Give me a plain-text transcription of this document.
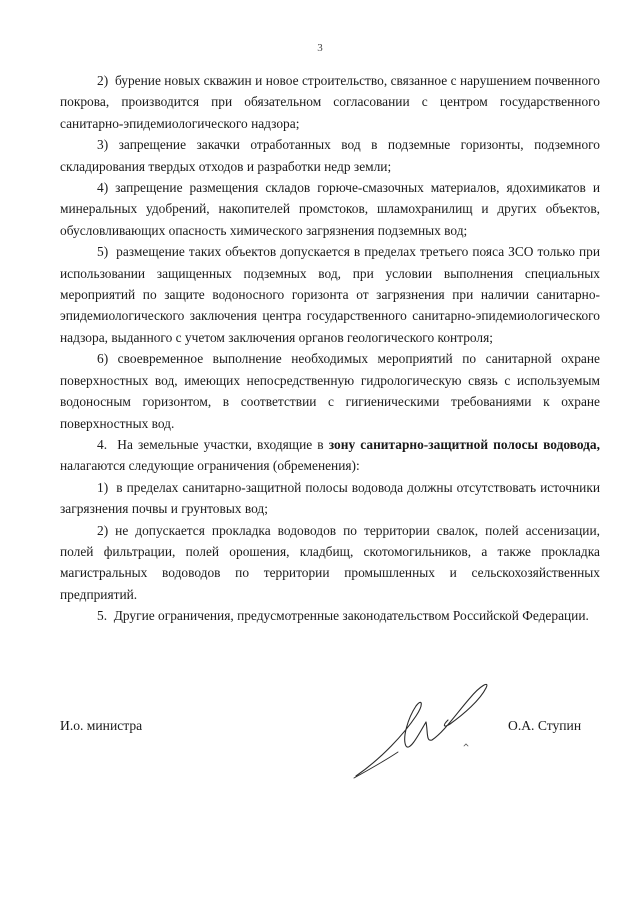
3

2) бурение новых скважин и новое строительство, связанное с нарушением почвенного покрова, производится при обязательном согласовании с центром государственного санитарно-эпидемиологического надзора;

3) запрещение закачки отработанных вод в подземные горизонты, подземного складирования твердых отходов и разработки недр земли;

4) запрещение размещения складов горюче-смазочных материалов, ядохимикатов и минеральных удобрений, накопителей промстоков, шламохранилищ и других объектов, обусловливающих опасность химического загрязнения подземных вод;

5) размещение таких объектов допускается в пределах третьего пояса ЗСО только при использовании защищенных подземных вод, при условии выполнения специальных мероприятий по защите водоносного горизонта от загрязнения при наличии санитарно-эпидемиологического заключения центра государственного санитарно-эпидемиологического надзора, выданного с учетом заключения органов геологического контроля;

6) своевременное выполнение необходимых мероприятий по санитарной охране поверхностных вод, имеющих непосредственную гидрологическую связь с используемым водоносным горизонтом, в соответствии с гигиеническими требованиями к охране поверхностных вод.

4. На земельные участки, входящие в зону санитарно-защитной полосы водовода, налагаются следующие ограничения (обременения):

1) в пределах санитарно-защитной полосы водовода должны отсутствовать источники загрязнения почвы и грунтовых вод;

2) не допускается прокладка водоводов по территории свалок, полей ассенизации, полей фильтрации, полей орошения, кладбищ, скотомогильников, а также прокладка магистральных водоводов по территории промышленных и сельскохозяйственных предприятий.

5. Другие ограничения, предусмотренные законодательством Российской Федерации.

И.о. министра	О.А. Ступин
